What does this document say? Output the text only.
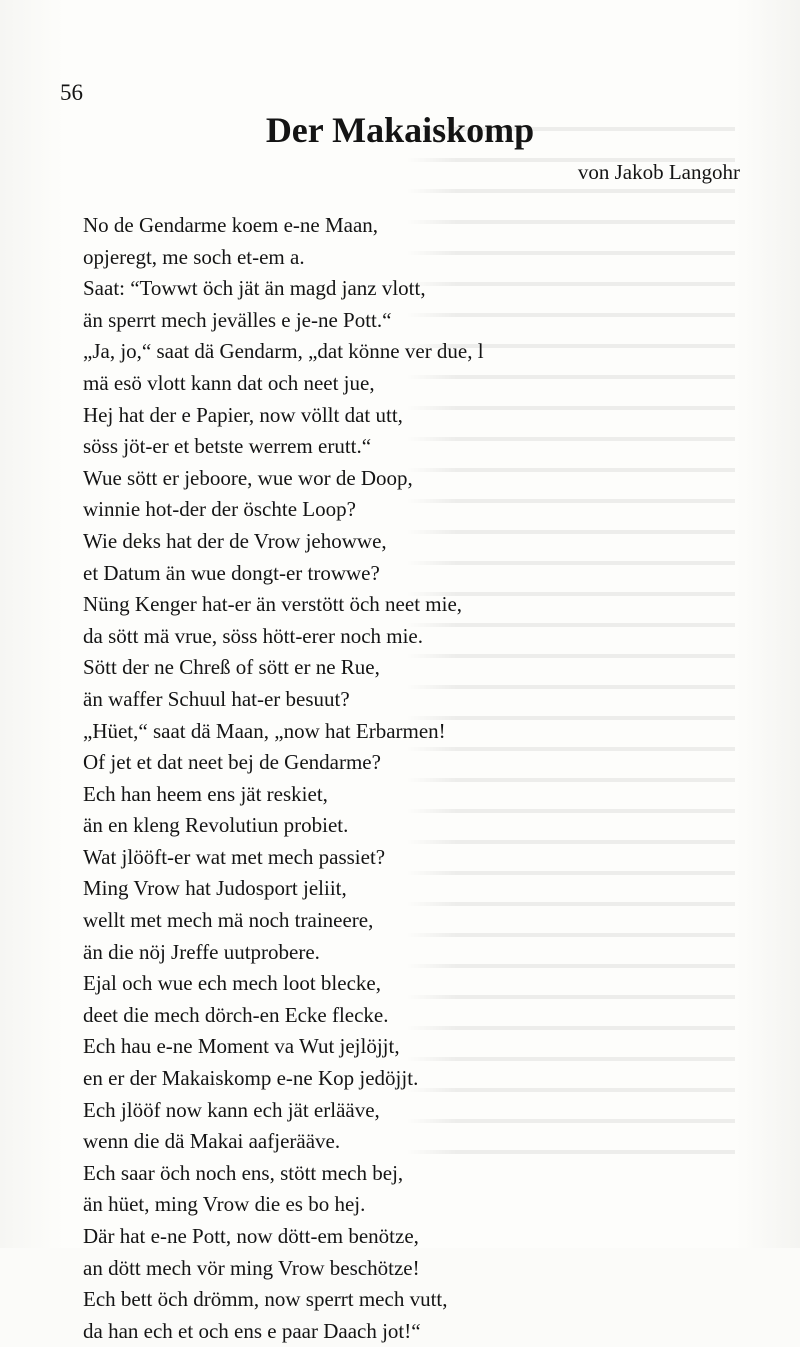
56
Der Makaiskomp
von Jakob Langohr
No de Gendarme koem e-ne Maan,
opjeregt, me soch et-em a.
Saat: “Towwt öch jät än magd janz vlott,
än sperrt mech jevälles e je-ne Pott.“
„Ja, jo,“ saat dä Gendarm, „dat könne ver due, l
mä esö vlott kann dat och neet jue,
Hej hat der e Papier, now völlt dat utt,
söss jöt-er et betste werrem erutt.“
Wue sött er jeboore, wue wor de Doop,
winnie hot-der der öschte Loop?
Wie deks hat der de Vrow jehowwe,
et Datum än wue dongt-er trowwe?
Nüng Kenger hat-er än verstött öch neet mie,
da sött mä vrue, söss hött-erer noch mie.
Sött der ne Chreß of sött er ne Rue,
än waffer Schuul hat-er besuut?
„Hüet,“ saat dä Maan, „now hat Erbarmen!
Of jet et dat neet bej de Gendarme?
Ech han heem ens jät reskiet,
än en kleng Revolutiun probiet.
Wat jlööft-er wat met mech passiet?
Ming Vrow hat Judosport jeliit,
wellt met mech mä noch traineere,
än die nöj Jreffe uutprobere.
Ejal och wue ech mech loot blecke,
deet die mech dörch-en Ecke flecke.
Ech hau e-ne Moment va Wut jejlöjjt,
en er der Makaiskomp e-ne Kop jedöjjt.
Ech jlööf now kann ech jät erlääve,
wenn die dä Makai aafjerääve.
Ech saar öch noch ens, stött mech bej,
än hüet, ming Vrow die es bo hej.
Där hat e-ne Pott, now dött-em benötze,
an dött mech vör ming Vrow beschötze!
Ech bett öch drömm, now sperrt mech vutt,
da han ech et och ens e paar Daach jot!“
